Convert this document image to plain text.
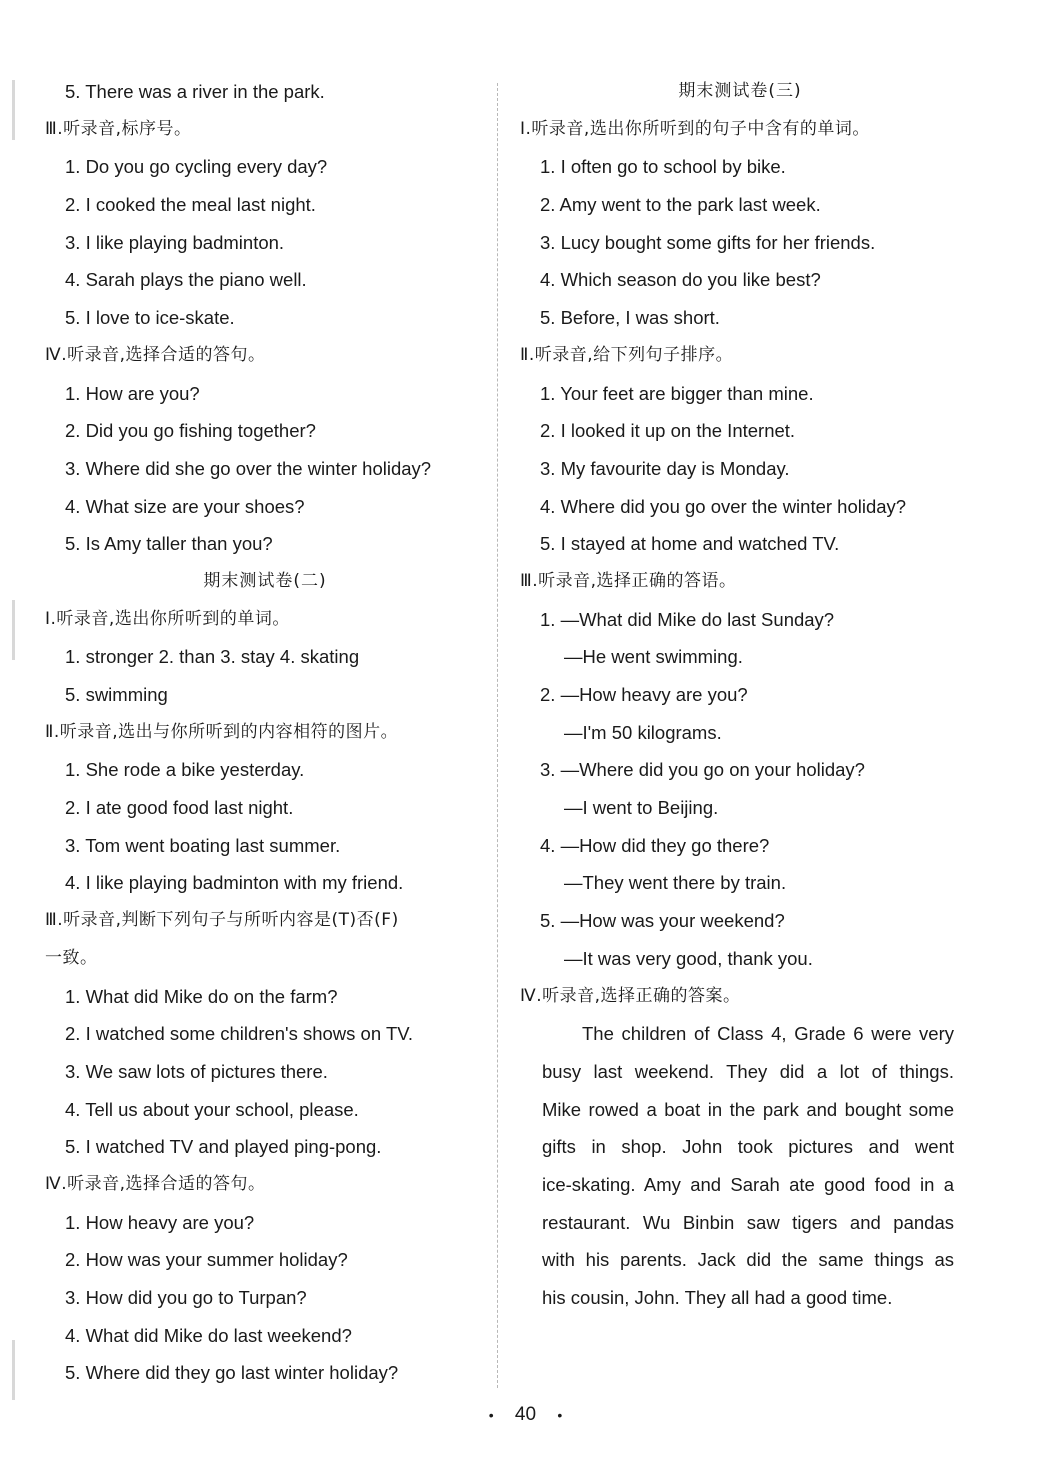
5. There was a river in the park.
Ⅲ.听录音,标序号。
1. Do you go cycling every day?
2. I cooked the meal last night.
3. I like playing badminton.
4. Sarah plays the piano well.
5. I love to ice-skate.
Ⅳ.听录音,选择合适的答句。
1. How are you?
2. Did you go fishing together?
3. Where did she go over the winter holiday?
4. What size are your shoes?
5. Is Amy taller than you?
期末测试卷(二)
Ⅰ.听录音,选出你所听到的单词。
1. stronger 2. than 3. stay 4. skating
5. swimming
Ⅱ.听录音,选出与你所听到的内容相符的图片。
1. She rode a bike yesterday.
2. I ate good food last night.
3. Tom went boating last summer.
4. I like playing badminton with my friend.
Ⅲ.听录音,判断下列句子与所听内容是(T)否(F)
一致。
1. What did Mike do on the farm?
2. I watched some children's shows on TV.
3. We saw lots of pictures there.
4. Tell us about your school, please.
5. I watched TV and played ping-pong.
Ⅳ.听录音,选择合适的答句。
1. How heavy are you?
2. How was your summer holiday?
3. How did you go to Turpan?
4. What did Mike do last weekend?
5. Where did they go last winter holiday?
期末测试卷(三)
Ⅰ.听录音,选出你所听到的句子中含有的单词。
1. I often go to school by bike.
2. Amy went to the park last week.
3. Lucy bought some gifts for her friends.
4. Which season do you like best?
5. Before, I was short.
Ⅱ.听录音,给下列句子排序。
1. Your feet are bigger than mine.
2. I looked it up on the Internet.
3. My favourite day is Monday.
4. Where did you go over the winter holiday?
5. I stayed at home and watched TV.
Ⅲ.听录音,选择正确的答语。
1. —What did Mike do last Sunday?
—He went swimming.
2. —How heavy are you?
—I'm 50 kilograms.
3. —Where did you go on your holiday?
—I went to Beijing.
4. —How did they go there?
—They went there by train.
5. —How was your weekend?
—It was very good, thank you.
Ⅳ.听录音,选择正确的答案。
The children of Class 4, Grade 6 were very
busy last weekend. They did a lot of things.
Mike rowed a boat in the park and bought some
gifts in shop. John took pictures and went
ice-skating. Amy and Sarah ate good food in a
restaurant. Wu Binbin saw tigers and pandas
with his parents. Jack did the same things as
his cousin, John. They all had a good time.
• 40 •
